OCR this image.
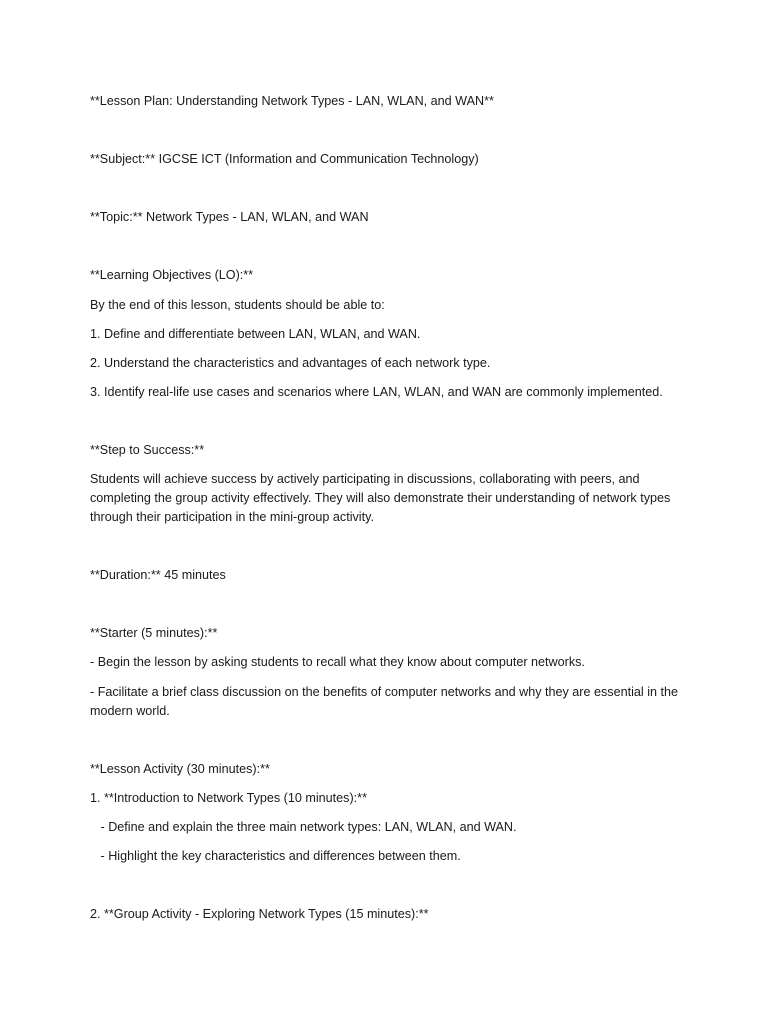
**Lesson Plan: Understanding Network Types - LAN, WLAN, and WAN**

**Subject:** IGCSE ICT (Information and Communication Technology)

**Topic:** Network Types - LAN, WLAN, and WAN

**Learning Objectives (LO):**

By the end of this lesson, students should be able to:

1. Define and differentiate between LAN, WLAN, and WAN.

2. Understand the characteristics and advantages of each network type.

3. Identify real-life use cases and scenarios where LAN, WLAN, and WAN are commonly implemented.

**Step to Success:**

Students will achieve success by actively participating in discussions, collaborating with peers, and completing the group activity effectively. They will also demonstrate their understanding of network types through their participation in the mini-group activity.

**Duration:** 45 minutes

**Starter (5 minutes):**

- Begin the lesson by asking students to recall what they know about computer networks.

- Facilitate a brief class discussion on the benefits of computer networks and why they are essential in the modern world.

**Lesson Activity (30 minutes):**

1. **Introduction to Network Types (10 minutes):**

- Define and explain the three main network types: LAN, WLAN, and WAN.

- Highlight the key characteristics and differences between them.

2. **Group Activity - Exploring Network Types (15 minutes):**
